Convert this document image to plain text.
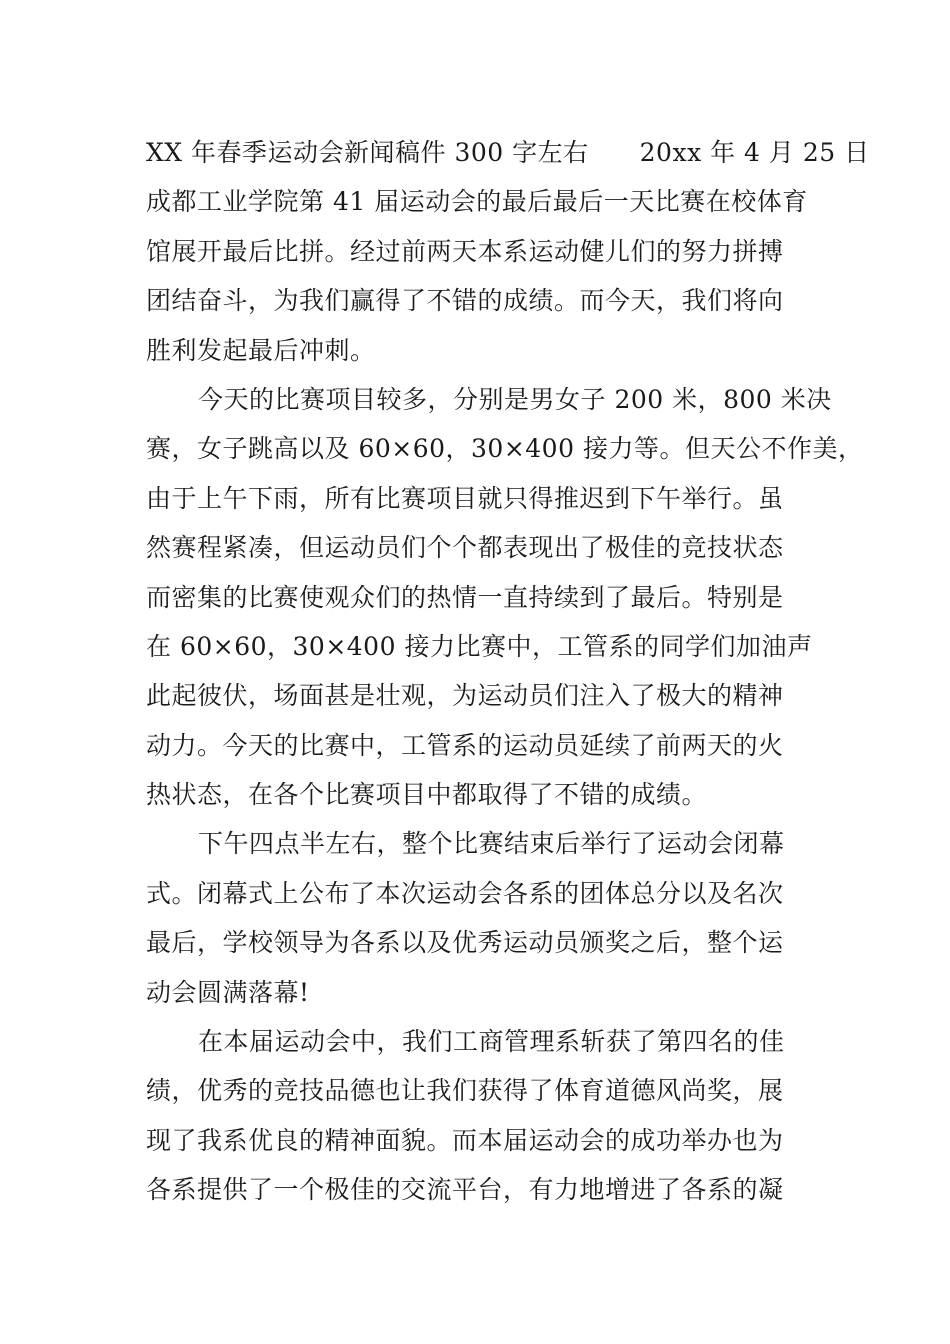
XX 年春季运动会新闻稿件 300 字左右　　20xx 年 4 月 25 日
成都工业学院第 41 届运动会的最后最后一天比赛在校体育
馆展开最后比拼。经过前两天本系运动健儿们的努力拼搏
团结奋斗，为我们赢得了不错的成绩。而今天，我们将向
胜利发起最后冲刺。
今天的比赛项目较多，分别是男女子 200 米，800 米决
赛，女子跳高以及 60×60，30×400 接力等。但天公不作美，
由于上午下雨，所有比赛项目就只得推迟到下午举行。虽
然赛程紧凑，但运动员们个个都表现出了极佳的竞技状态
而密集的比赛使观众们的热情一直持续到了最后。特别是
在 60×60，30×400 接力比赛中，工管系的同学们加油声
此起彼伏，场面甚是壮观，为运动员们注入了极大的精神
动力。今天的比赛中，工管系的运动员延续了前两天的火
热状态，在各个比赛项目中都取得了不错的成绩。
下午四点半左右，整个比赛结束后举行了运动会闭幕
式。闭幕式上公布了本次运动会各系的团体总分以及名次
最后，学校领导为各系以及优秀运动员颁奖之后，整个运
动会圆满落幕!
在本届运动会中，我们工商管理系斩获了第四名的佳
绩，优秀的竞技品德也让我们获得了体育道德风尚奖，展
现了我系优良的精神面貌。而本届运动会的成功举办也为
各系提供了一个极佳的交流平台，有力地增进了各系的凝
